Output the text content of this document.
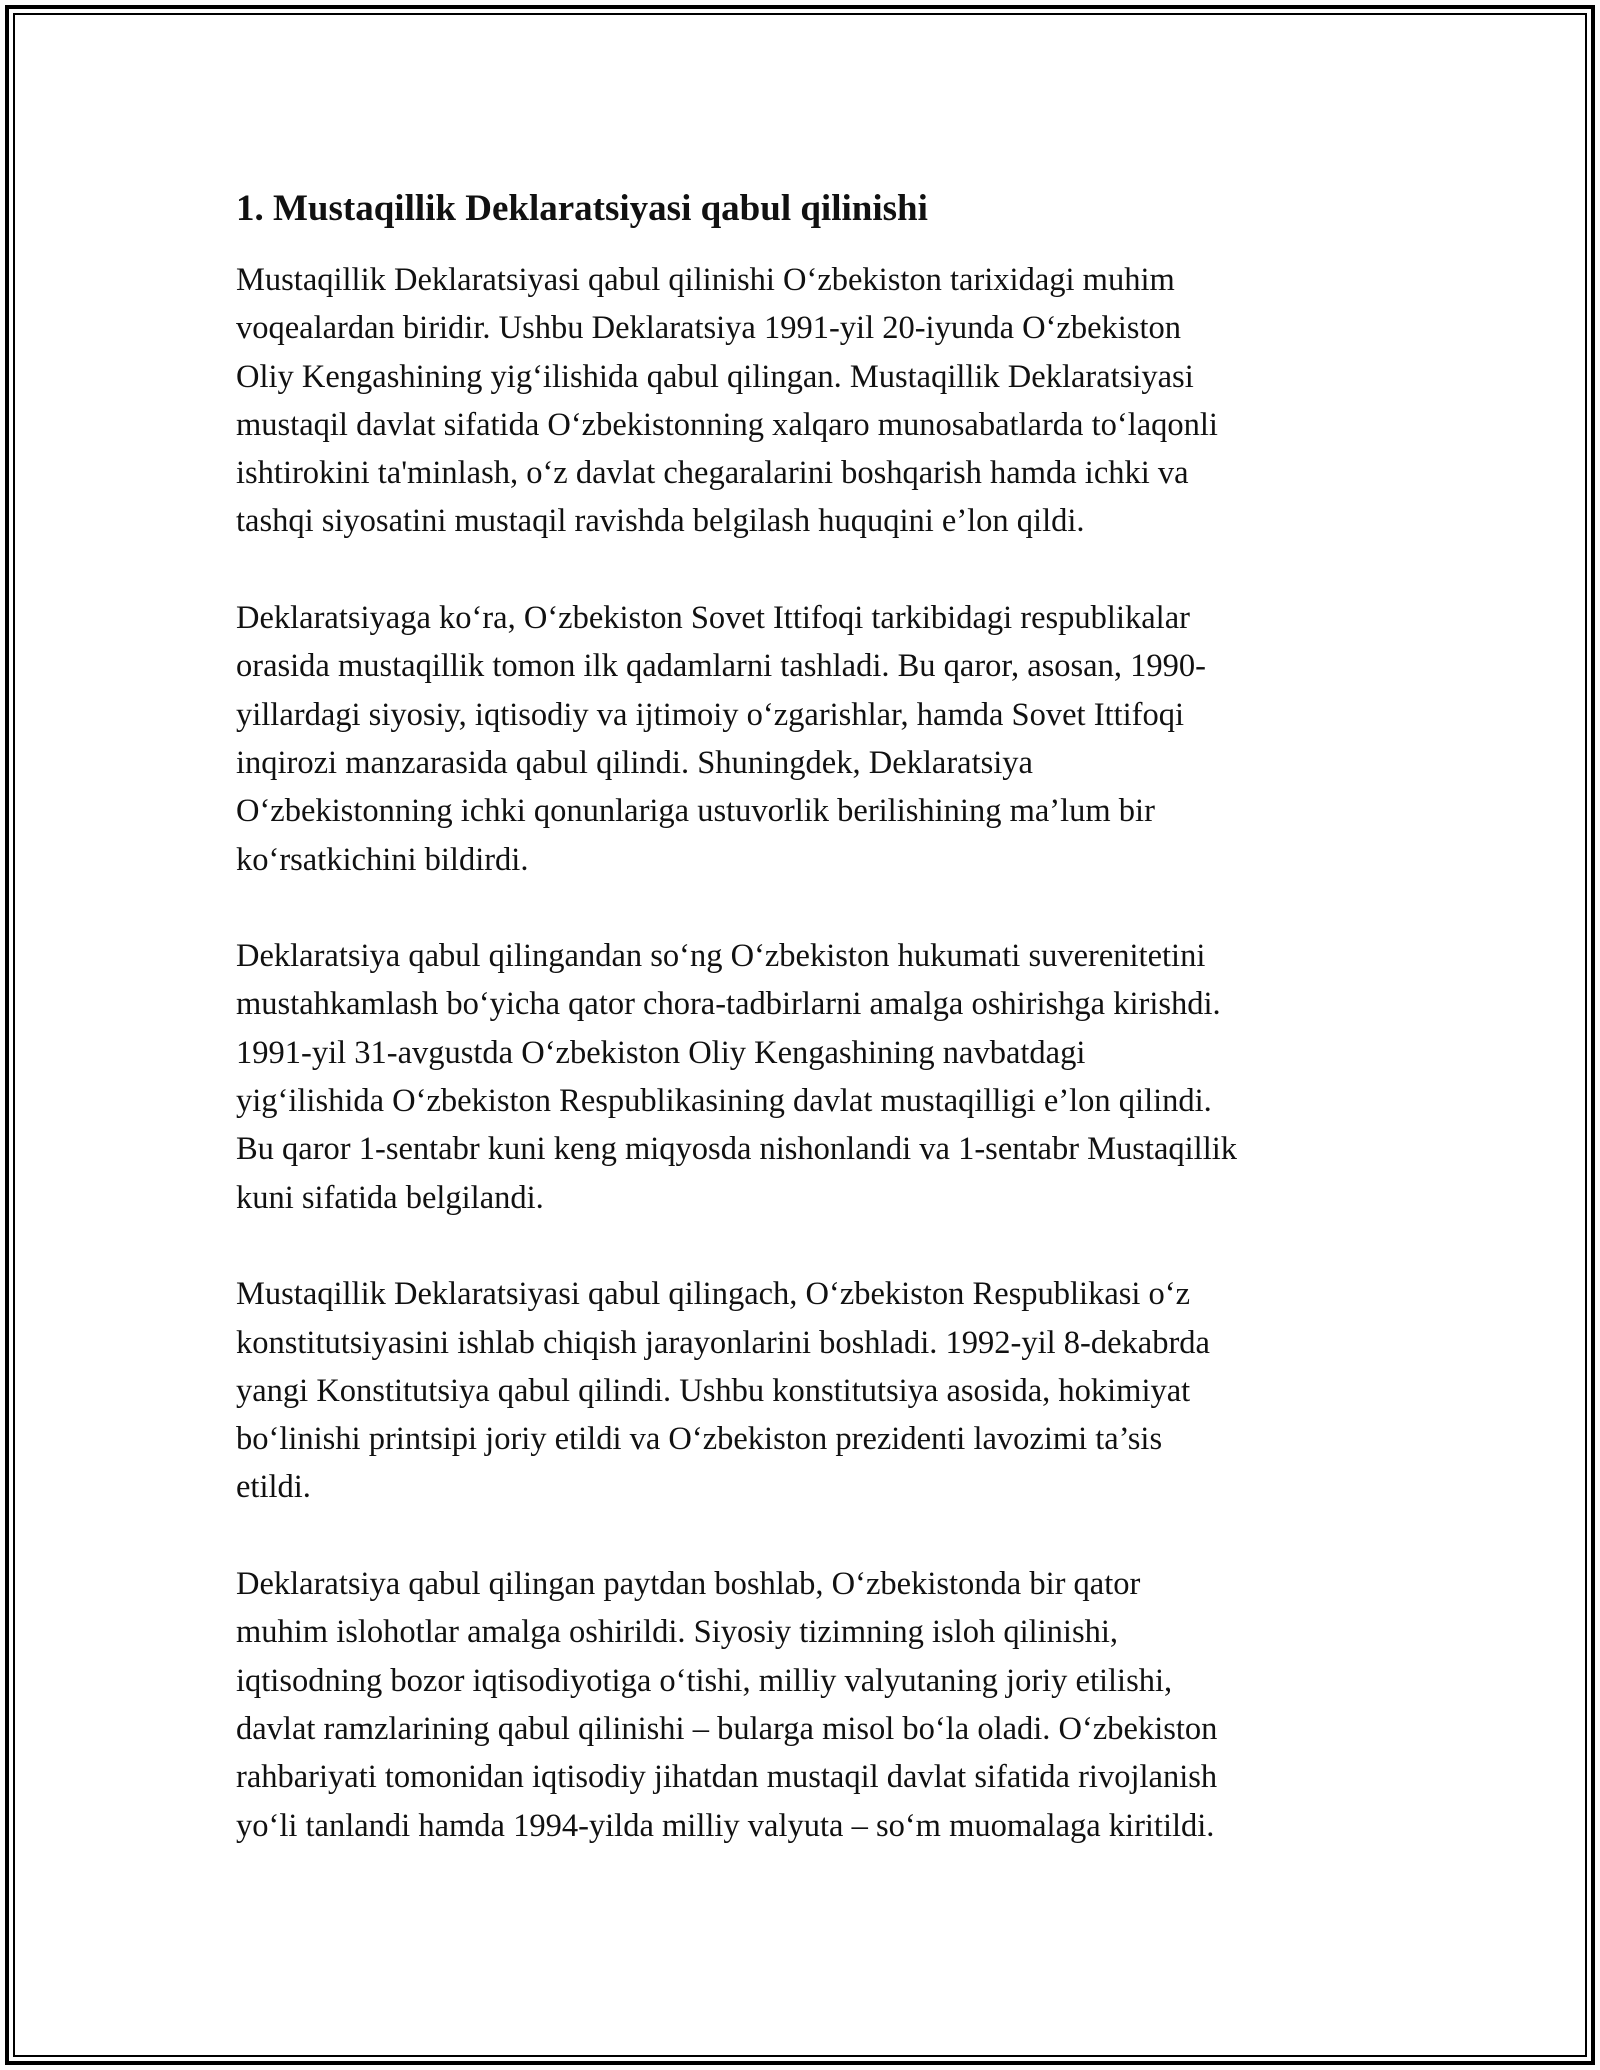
1. Mustaqillik Deklaratsiyasi qabul qilinishi

Mustaqillik Deklaratsiyasi qabul qilinishi O‘zbekiston tarixidagi muhim
voqealardan biridir. Ushbu Deklaratsiya 1991-yil 20-iyunda O‘zbekiston
Oliy Kengashining yig‘ilishida qabul qilingan. Mustaqillik Deklaratsiyasi
mustaqil davlat sifatida O‘zbekistonning xalqaro munosabatlarda to‘laqonli
ishtirokini ta'minlash, o‘z davlat chegaralarini boshqarish hamda ichki va
tashqi siyosatini mustaqil ravishda belgilash huquqini e’lon qildi.

Deklaratsiyaga ko‘ra, O‘zbekiston Sovet Ittifoqi tarkibidagi respublikalar
orasida mustaqillik tomon ilk qadamlarni tashladi. Bu qaror, asosan, 1990-
yillardagi siyosiy, iqtisodiy va ijtimoiy o‘zgarishlar, hamda Sovet Ittifoqi
inqirozi manzarasida qabul qilindi. Shuningdek, Deklaratsiya
O‘zbekistonning ichki qonunlariga ustuvorlik berilishining ma’lum bir
ko‘rsatkichini bildirdi.

Deklaratsiya qabul qilingandan so‘ng O‘zbekiston hukumati suverenitetini
mustahkamlash bo‘yicha qator chora-tadbirlarni amalga oshirishga kirishdi.
1991-yil 31-avgustda O‘zbekiston Oliy Kengashining navbatdagi
yig‘ilishida O‘zbekiston Respublikasining davlat mustaqilligi e’lon qilindi.
Bu qaror 1-sentabr kuni keng miqyosda nishonlandi va 1-sentabr Mustaqillik
kuni sifatida belgilandi.

Mustaqillik Deklaratsiyasi qabul qilingach, O‘zbekiston Respublikasi o‘z
konstitutsiyasini ishlab chiqish jarayonlarini boshladi. 1992-yil 8-dekabrda
yangi Konstitutsiya qabul qilindi. Ushbu konstitutsiya asosida, hokimiyat
bo‘linishi printsipi joriy etildi va O‘zbekiston prezidenti lavozimi ta’sis
etildi.

Deklaratsiya qabul qilingan paytdan boshlab, O‘zbekistonda bir qator
muhim islohotlar amalga oshirildi. Siyosiy tizimning isloh qilinishi,
iqtisodning bozor iqtisodiyotiga o‘tishi, milliy valyutaning joriy etilishi,
davlat ramzlarining qabul qilinishi – bularga misol bo‘la oladi. O‘zbekiston
rahbariyati tomonidan iqtisodiy jihatdan mustaqil davlat sifatida rivojlanish
yo‘li tanlandi hamda 1994-yilda milliy valyuta – so‘m muomalaga kiritildi.
